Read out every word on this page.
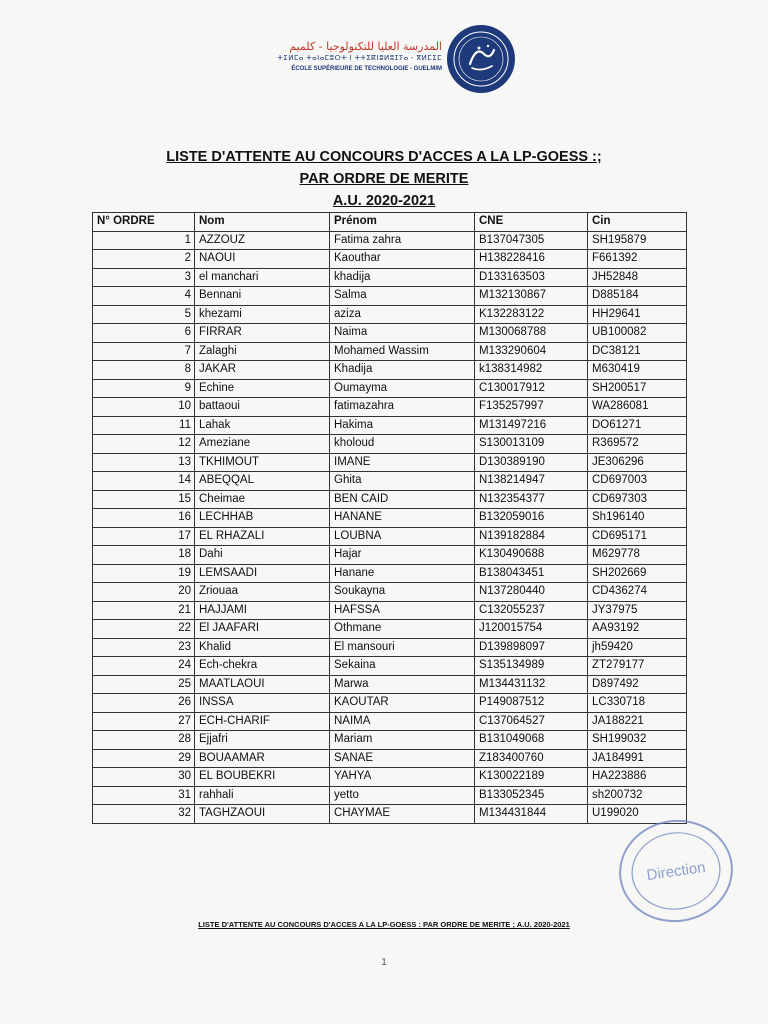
المدرسة العليا للتكنولوجيا - كلميم
ⵜⵉⵍⵎⴰ ⵜⴰⵏⴰⵎⵓⵔⵜ ⵏ ⵜⵜⵉⴽⵏⵓⵍⵓⵊⵢⴰ - ⴳⵍⵎⵉⵎ
ÉCOLE SUPÉRIEURE DE TECHNOLOGIE - GUELMIM
LISTE D'ATTENTE AU CONCOURS D'ACCES A LA LP-GOESS :;
PAR ORDRE DE MERITE
A.U. 2020-2021
N° ORDRE	Nom	Prénom	CNE	Cin
1	AZZOUZ	Fatima zahra	B137047305	SH195879
2	NAOUI	Kaouthar	H138228416	F661392
3	el manchari	khadija	D133163503	JH52848
4	Bennani	Salma	M132130867	D885184
5	khezami	aziza	K132283122	HH29641
6	FIRRAR	Naima	M130068788	UB100082
7	Zalaghi	Mohamed Wassim	M133290604	DC38121
8	JAKAR	Khadija	k138314982	M630419
9	Echine	Oumayma	C130017912	SH200517
10	battaoui	fatimazahra	F135257997	WA286081
11	Lahak	Hakima	M131497216	DO61271
12	Ameziane	kholoud	S130013109	R369572
13	TKHIMOUT	IMANE	D130389190	JE306296
14	ABEQQAL	Ghita	N138214947	CD697003
15	Cheimae	BEN CAID	N132354377	CD697303
16	LECHHAB	HANANE	B132059016	Sh196140
17	EL RHAZALI	LOUBNA	N139182884	CD695171
18	Dahi	Hajar	K130490688	M629778
19	LEMSAADI	Hanane	B138043451	SH202669
20	Zriouaa	Soukayna	N137280440	CD436274
21	HAJJAMI	HAFSSA	C132055237	JY37975
22	El JAAFARI	Othmane	J120015754	AA93192
23	Khalid	El mansouri	D139898097	jh59420
24	Ech-chekra	Sekaina	S135134989	ZT279177
25	MAATLAOUI	Marwa	M134431132	D897492
26	INSSA	KAOUTAR	P149087512	LC330718
27	ECH-CHARIF	NAIMA	C137064527	JA188221
28	Ejjafri	Mariam	B131049068	SH199032
29	BOUAAMAR	SANAE	Z183400760	JA184991
30	EL BOUBEKRI	YAHYA	K130022189	HA223886
31	rahhali	yetto	B133052345	sh200732
32	TAGHZAOUI	CHAYMAE	M134431844	U199020
Direction
LISTE D'ATTENTE AU CONCOURS D'ACCES A LA LP-GOESS : PAR ORDRE DE MERITE ; A.U. 2020-2021
1
